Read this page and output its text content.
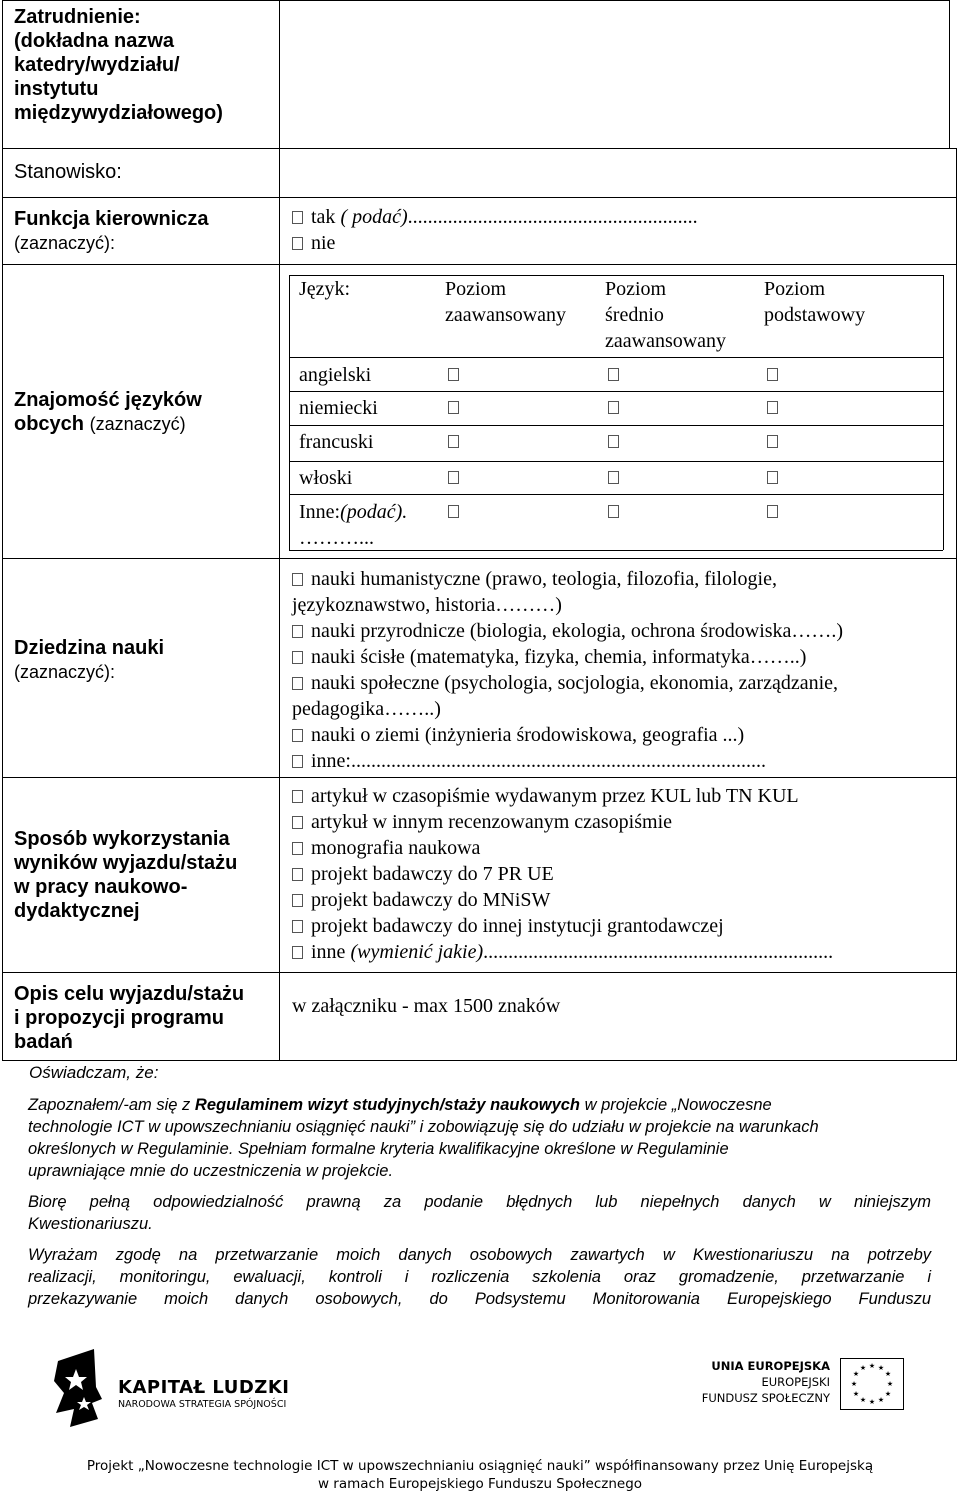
Zatrudnienie:
(dokładna nazwa
katedry/wydziału/
instytutu
międzywydziałowego)
Stanowisko:
Funkcja kierownicza
(zaznaczyć):
Znajomość języków
obcych (zaznaczyć)
Dziedzina nauki
(zaznaczyć):
Sposób wykorzystania
wyników wyjazdu/stażu
w pracy naukowo-
dydaktycznej
Opis celu wyjazdu/stażu
i propozycji programu
badań
tak ( podać)..........................................................
nie
Język:	Poziom
zaawansowany
Poziom
średnio
zaawansowany
Poziom
podstawowy
angielski
niemiecki
francuski
włoski
Inne:(podać).
………...
nauki humanistyczne (prawo, teologia, filozofia, filologie,
językoznawstwo, historia………)
nauki przyrodnicze (biologia, ekologia, ochrona środowiska…….)
nauki ścisłe (matematyka, fizyka, chemia, informatyka……..)
nauki społeczne (psychologia, socjologia, ekonomia, zarządzanie,
pedagogika……..)
nauki o ziemi (inżynieria środowiskowa, geografia ...)
inne:...................................................................................
artykuł w czasopiśmie wydawanym przez KUL lub TN KUL
artykuł w innym recenzowanym czasopiśmie
monografia naukowa
projekt badawczy do 7 PR UE
projekt badawczy do MNiSW
projekt badawczy do innej instytucji grantodawczej
inne (wymienić jakie)......................................................................
w załączniku - max 1500 znaków
Oświadczam, że:
Zapoznałem/-am się z Regulaminem wizyt studyjnych/staży naukowych w projekcie „Nowoczesne
technologie ICT w upowszechnianiu osiągnięć nauki” i zobowiązuję się do udziału w projekcie na warunkach
określonych w Regulaminie. Spełniam formalne kryteria kwalifikacyjne określone w Regulaminie
uprawniające mnie do uczestniczenia w projekcie.
Biorę pełną odpowiedzialność prawną za podanie błędnych lub niepełnych danych w niniejszym
Kwestionariuszu.
Wyrażam zgodę na przetwarzanie moich danych osobowych zawartych w Kwestionariuszu na potrzeby
realizacji, monitoringu, ewaluacji, kontroli i rozliczenia szkolenia oraz gromadzenie, przetwarzanie i
przekazywanie moich danych osobowych, do Podsystemu Monitorowania Europejskiego Funduszu
KAPITAŁ LUDZKI
NARODOWA STRATEGIA SPÓJNOŚCI
UNIA EUROPEJSKA
EUROPEJSKI
FUNDUSZ SPOŁECZNY
★ ★
★
★
★
★
★
★
★
★
★
★
Projekt „Nowoczesne technologie ICT w upowszechnianiu osiągnięć nauki” współfinansowany przez Unię Europejską
w ramach Europejskiego Funduszu Społecznego
